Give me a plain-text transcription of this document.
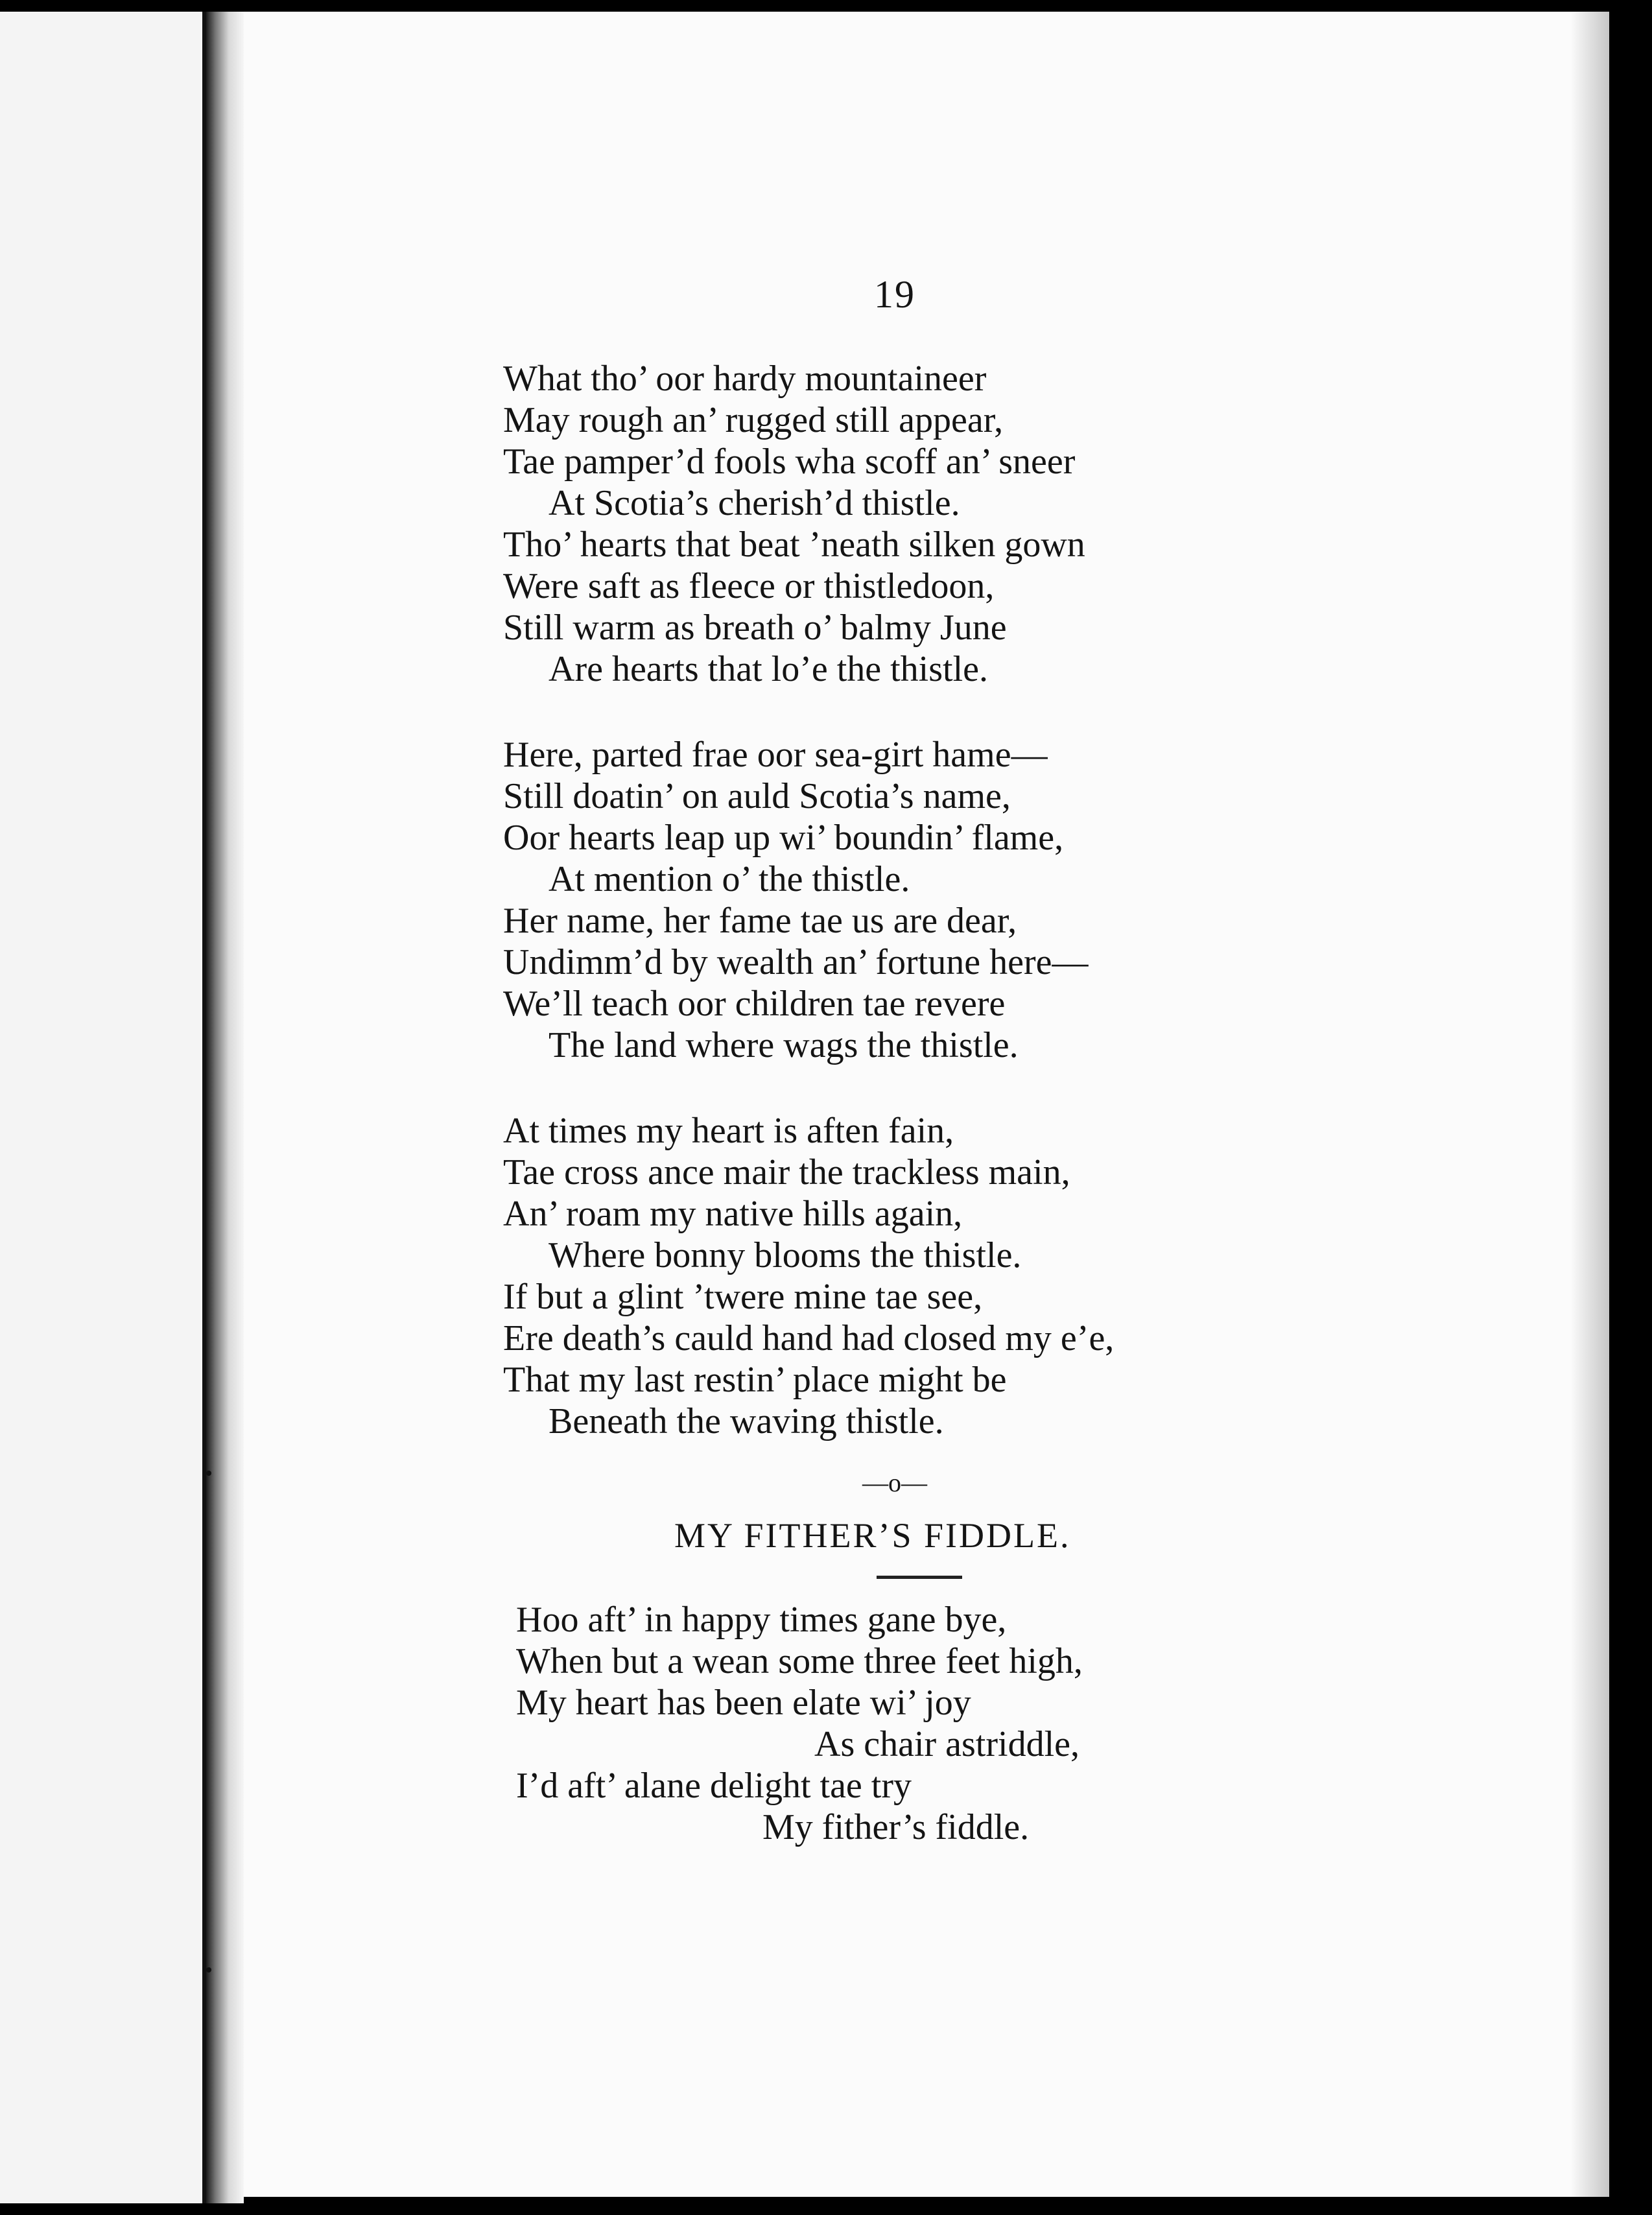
19
What tho’ oor hardy mountaineer
May rough an’ rugged still appear,
Tae pamper’d fools wha scoff an’ sneer
At Scotia’s cherish’d thistle.
Tho’ hearts that beat ’neath silken gown
Were saft as fleece or thistledoon,
Still warm as breath o’ balmy June
Are hearts that lo’e the thistle.
Here, parted frae oor sea-girt hame—
Still doatin’ on auld Scotia’s name,
Oor hearts leap up wi’ boundin’ flame,
At mention o’ the thistle.
Her name, her fame tae us are dear,
Undimm’d by wealth an’ fortune here—
We’ll teach oor children tae revere
The land where wags the thistle.
At times my heart is aften fain,
Tae cross ance mair the trackless main,
An’ roam my native hills again,
Where bonny blooms the thistle.
If but a glint ’twere mine tae see,
Ere death’s cauld hand had closed my e’e,
That my last restin’ place might be
Beneath the waving thistle.
—o—
MY FITHER’S FIDDLE.
Hoo aft’ in happy times gane bye,
When but a wean some three feet high,
My heart has been elate wi’ joy
As chair astriddle,
I’d aft’ alane delight tae try
My fither’s fiddle.
